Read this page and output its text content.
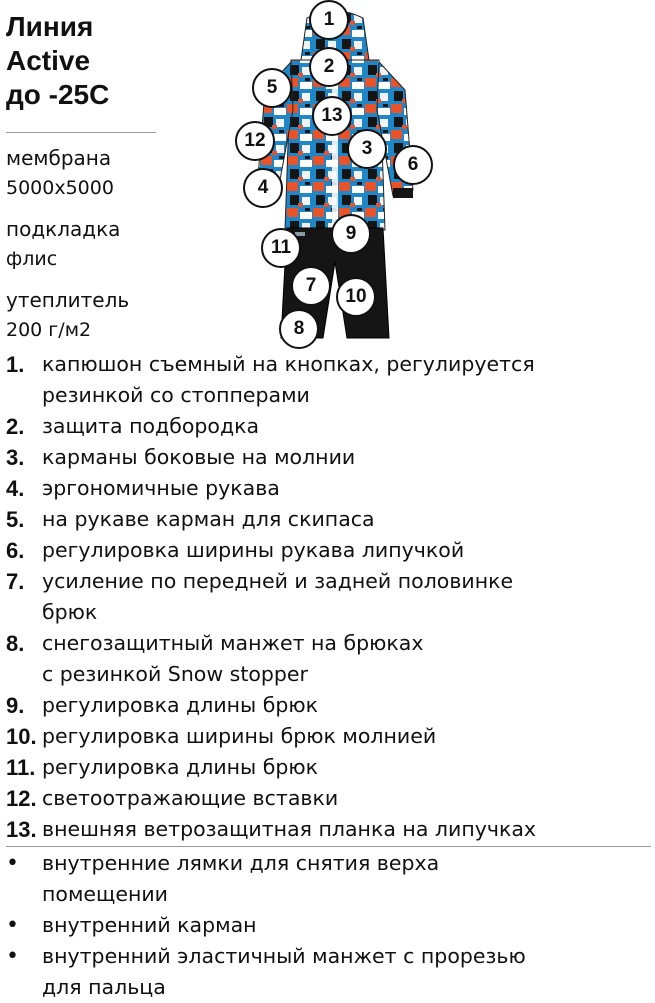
Линия
Active
до -25С
мембрана
5000х5000
подкладка
флис
утеплитель
200 г/м2
1
2
3
4
5
6
7
8
9
10
11
12
13
1. капюшон съемный на кнопках, регулируется
резинкой со стопперами
2. защита подбородка
3. карманы боковые на молнии
4. эргономичные рукава
5. на рукаве карман для скипаса
6. регулировка ширины рукава липучкой
7. усиление по передней и задней половинке
брюк
8. снегозащитный манжет на брюках
с резинкой Snow stopper
9. регулировка длины брюк
10. регулировка ширины брюк молнией
11. регулировка длины брюк
12. светоотражающие вставки
13. внешняя ветрозащитная планка на липучках
•	внутренние лямки для снятия верха
помещении
•	внутренний карман
•	внутренний эластичный манжет с прорезью
для пальца
